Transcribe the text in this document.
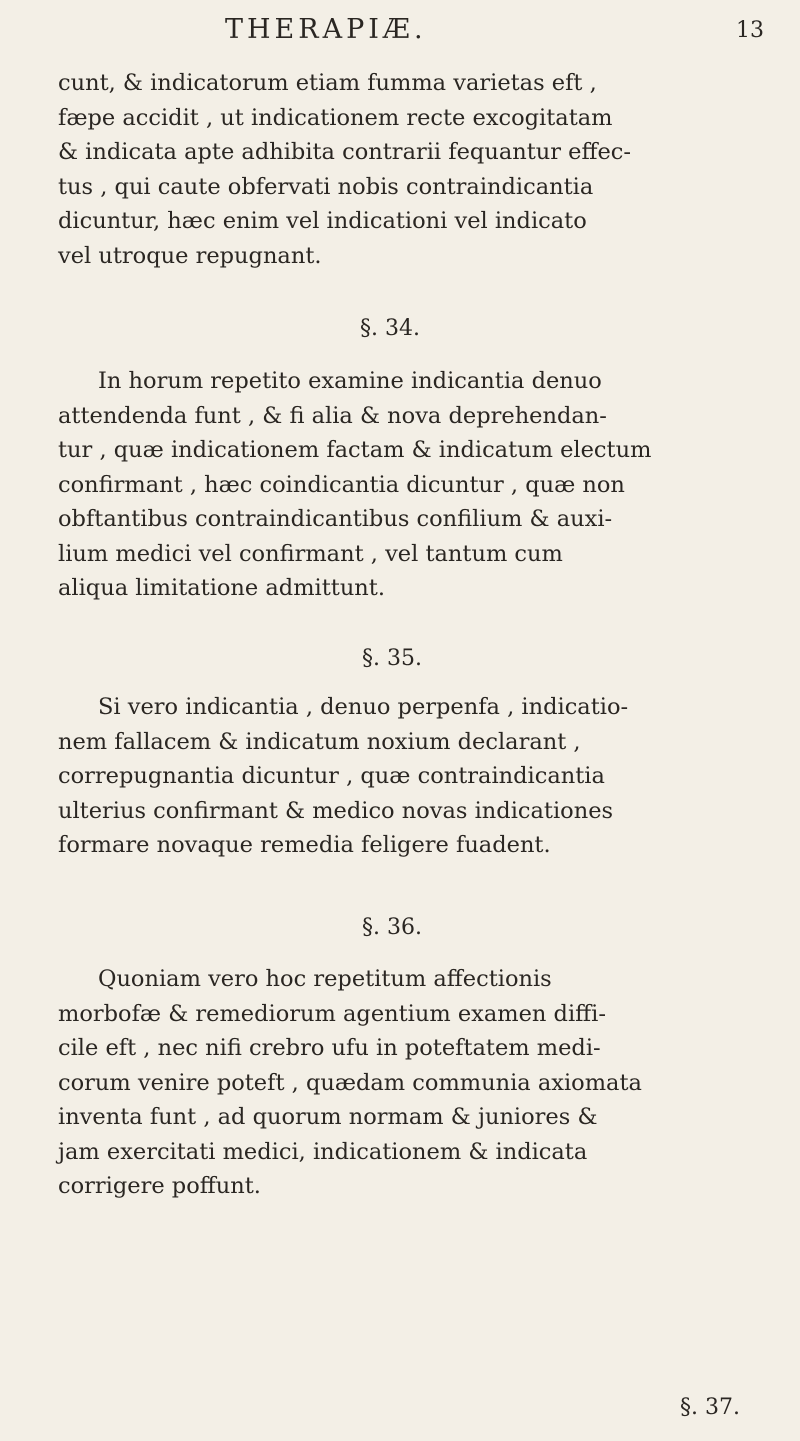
THERAPIÆ.	13

cunt, & indicatorum etiam fumma varietas eft ,
fæpe accidit , ut indicationem recte excogitatam
& indicata apte adhibita contrarii fequantur effec-
tus , qui caute obfervati nobis contraindicantia
dicuntur, hæc enim vel indicationi vel indicato
vel utroque repugnant.

§. 34.

In horum repetito examine indicantia denuo
attendenda funt , & fi alia & nova deprehendan-
tur , quæ indicationem factam & indicatum electum
confirmant , hæc coindicantia dicuntur , quæ non
obftantibus contraindicantibus confilium & auxi-
lium medici vel confirmant , vel tantum cum
aliqua limitatione admittunt.

§. 35.

Si vero indicantia , denuo perpenfa , indicatio-
nem fallacem & indicatum noxium declarant ,
correpugnantia dicuntur , quæ contraindicantia
ulterius confirmant & medico novas indicationes
formare novaque remedia feligere fuadent.

§. 36.

Quoniam vero hoc repetitum affectionis
morbofæ & remediorum agentium examen diffi-
cile eft , nec nifi crebro ufu in poteftatem medi-
corum venire poteft , quædam communia axiomata
inventa funt , ad quorum normam & juniores &
jam exercitati medici, indicationem & indicata
corrigere poffunt.

§. 37.
